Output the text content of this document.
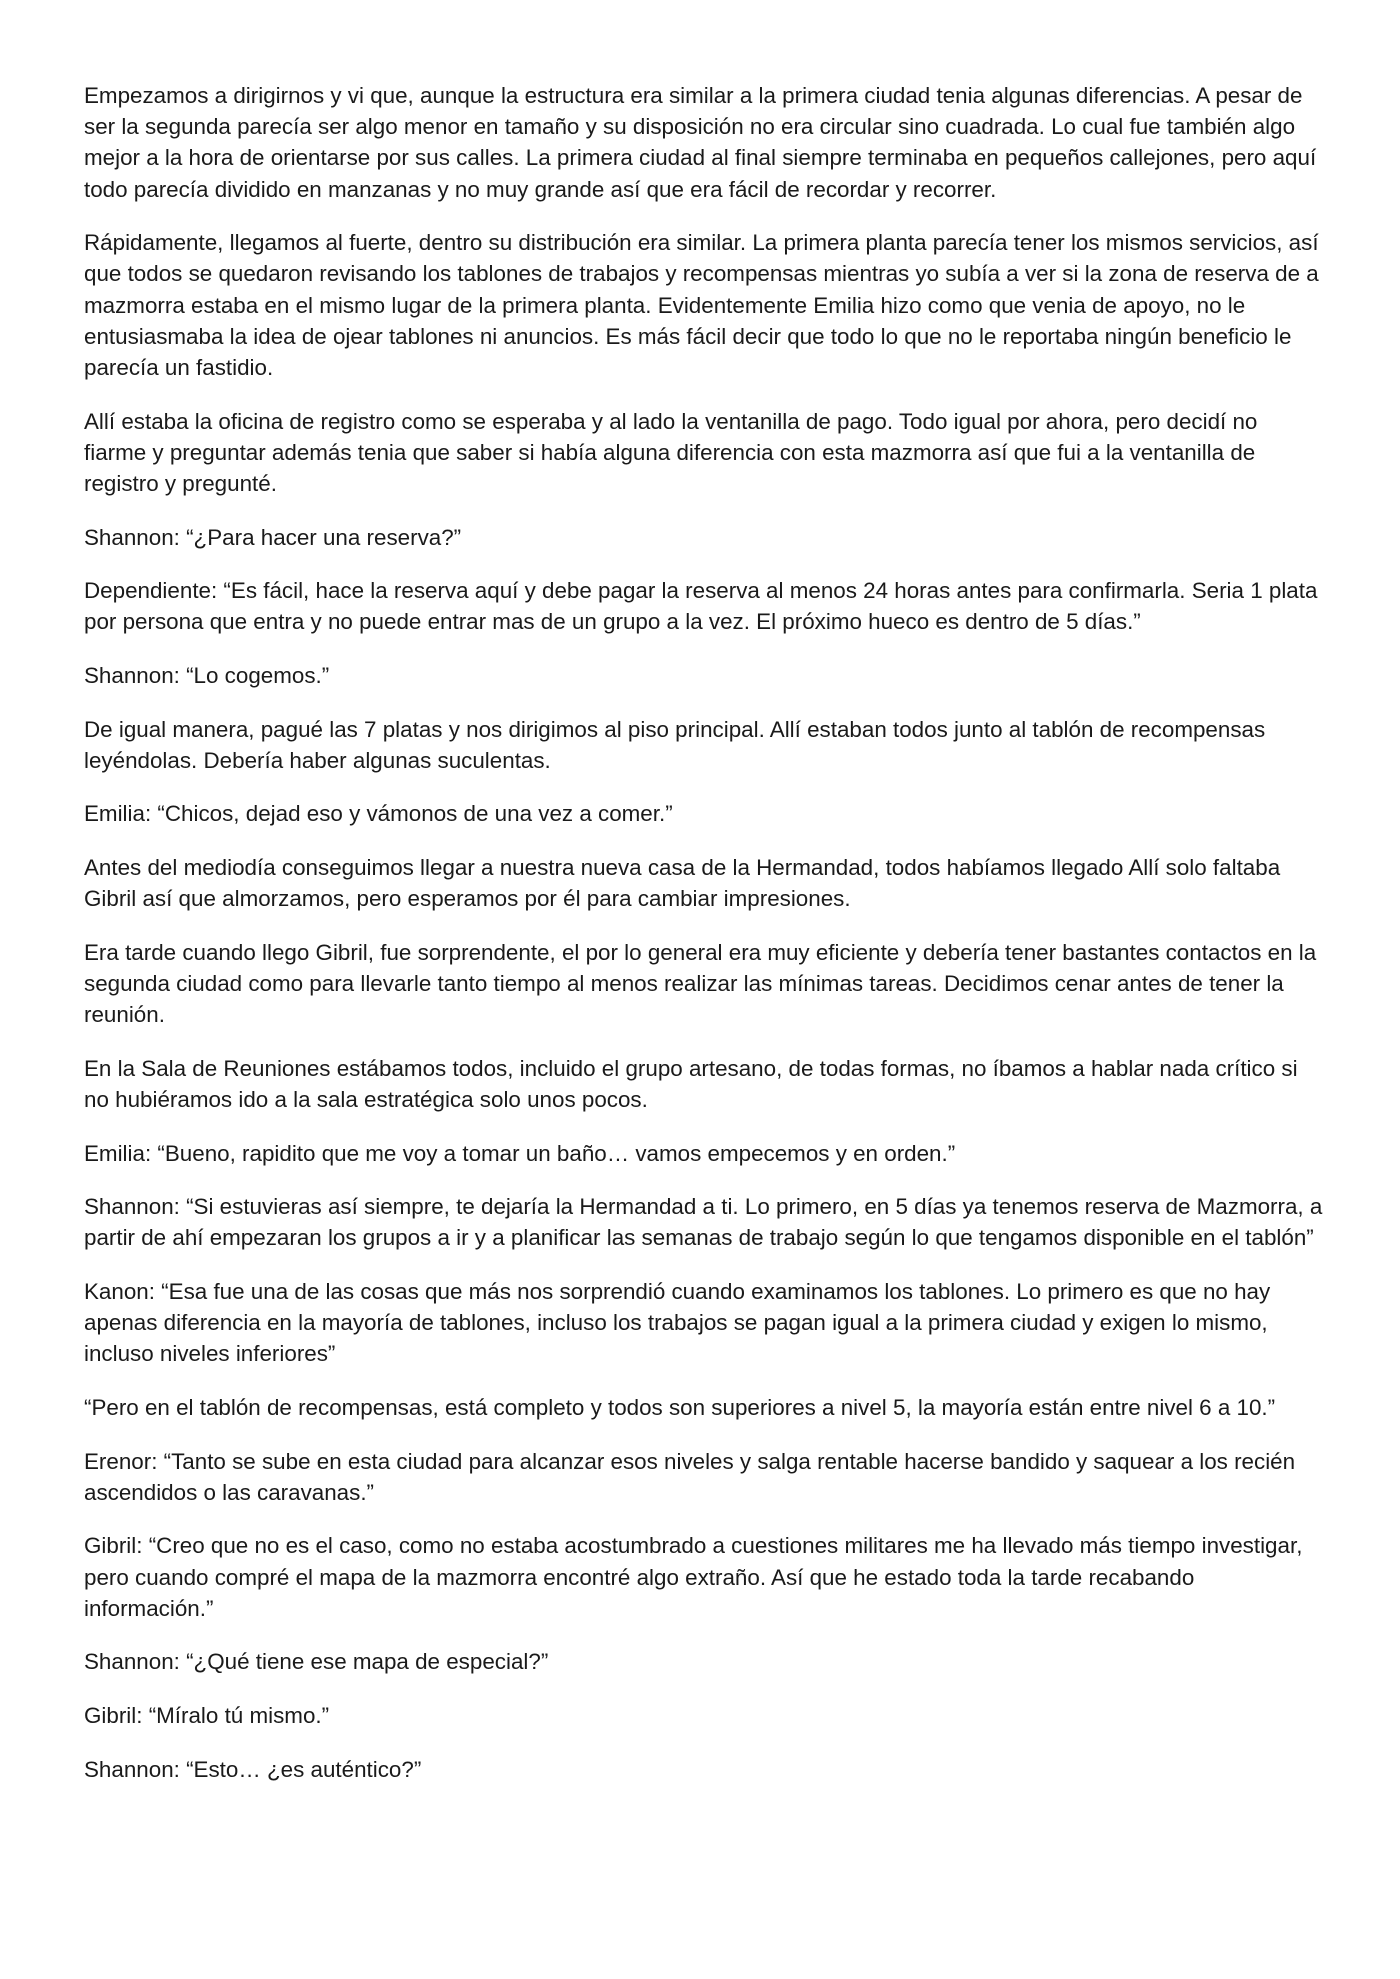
Empezamos a dirigirnos y vi que, aunque la estructura era similar a la primera ciudad tenia algunas diferencias. A pesar de ser la segunda parecía ser algo menor en tamaño y su disposición no era circular sino cuadrada. Lo cual fue también algo mejor a la hora de orientarse por sus calles. La primera ciudad al final siempre terminaba en pequeños callejones, pero aquí todo parecía dividido en manzanas y no muy grande así que era fácil de recordar y recorrer.

Rápidamente, llegamos al fuerte, dentro su distribución era similar. La primera planta parecía tener los mismos servicios, así que todos se quedaron revisando los tablones de trabajos y recompensas mientras yo subía a ver si la zona de reserva de a mazmorra estaba en el mismo lugar de la primera planta. Evidentemente Emilia hizo como que venia de apoyo, no le entusiasmaba la idea de ojear tablones ni anuncios. Es más fácil decir que todo lo que no le reportaba ningún beneficio le parecía un fastidio.

Allí estaba la oficina de registro como se esperaba y al lado la ventanilla de pago. Todo igual por ahora, pero decidí no fiarme y preguntar además tenia que saber si había alguna diferencia con esta mazmorra así que fui a la ventanilla de registro y pregunté.

Shannon: “¿Para hacer una reserva?”

Dependiente: “Es fácil, hace la reserva aquí y debe pagar la reserva al menos 24 horas antes para confirmarla. Seria 1 plata por persona que entra y no puede entrar mas de un grupo a la vez. El próximo hueco es dentro de 5 días.”

Shannon: “Lo cogemos.”

De igual manera, pagué las 7 platas y nos dirigimos al piso principal. Allí estaban todos junto al tablón de recompensas leyéndolas. Debería haber algunas suculentas.

Emilia: “Chicos, dejad eso y vámonos de una vez a comer.”

Antes del mediodía conseguimos llegar a nuestra nueva casa de la Hermandad, todos habíamos llegado Allí solo faltaba Gibril así que almorzamos, pero esperamos por él para cambiar impresiones.

Era tarde cuando llego Gibril, fue sorprendente, el por lo general era muy eficiente y debería tener bastantes contactos en la segunda ciudad como para llevarle tanto tiempo al menos realizar las mínimas tareas. Decidimos cenar antes de tener la reunión.

En la Sala de Reuniones estábamos todos, incluido el grupo artesano, de todas formas, no íbamos a hablar nada crítico si no hubiéramos ido a la sala estratégica solo unos pocos.

Emilia: “Bueno, rapidito que me voy a tomar un baño… vamos empecemos y en orden.”

Shannon: “Si estuvieras así siempre, te dejaría la Hermandad a ti. Lo primero, en 5 días ya tenemos reserva de Mazmorra, a partir de ahí empezaran los grupos a ir y a planificar las semanas de trabajo según lo que tengamos disponible en el tablón”

Kanon: “Esa fue una de las cosas que más nos sorprendió cuando examinamos los tablones. Lo primero es que no hay apenas diferencia en la mayoría de tablones, incluso los trabajos se pagan igual a la primera ciudad y exigen lo mismo, incluso niveles inferiores”

“Pero en el tablón de recompensas, está completo y todos son superiores a nivel 5, la mayoría están entre nivel 6 a 10.”

Erenor: “Tanto se sube en esta ciudad para alcanzar esos niveles y salga rentable hacerse bandido y saquear a los recién ascendidos o las caravanas.”

Gibril: “Creo que no es el caso, como no estaba acostumbrado a cuestiones militares me ha llevado más tiempo investigar, pero cuando compré el mapa de la mazmorra encontré algo extraño. Así que he estado toda la tarde recabando información.”

Shannon: “¿Qué tiene ese mapa de especial?”

Gibril: “Míralo tú mismo.”

Shannon: “Esto… ¿es auténtico?”
